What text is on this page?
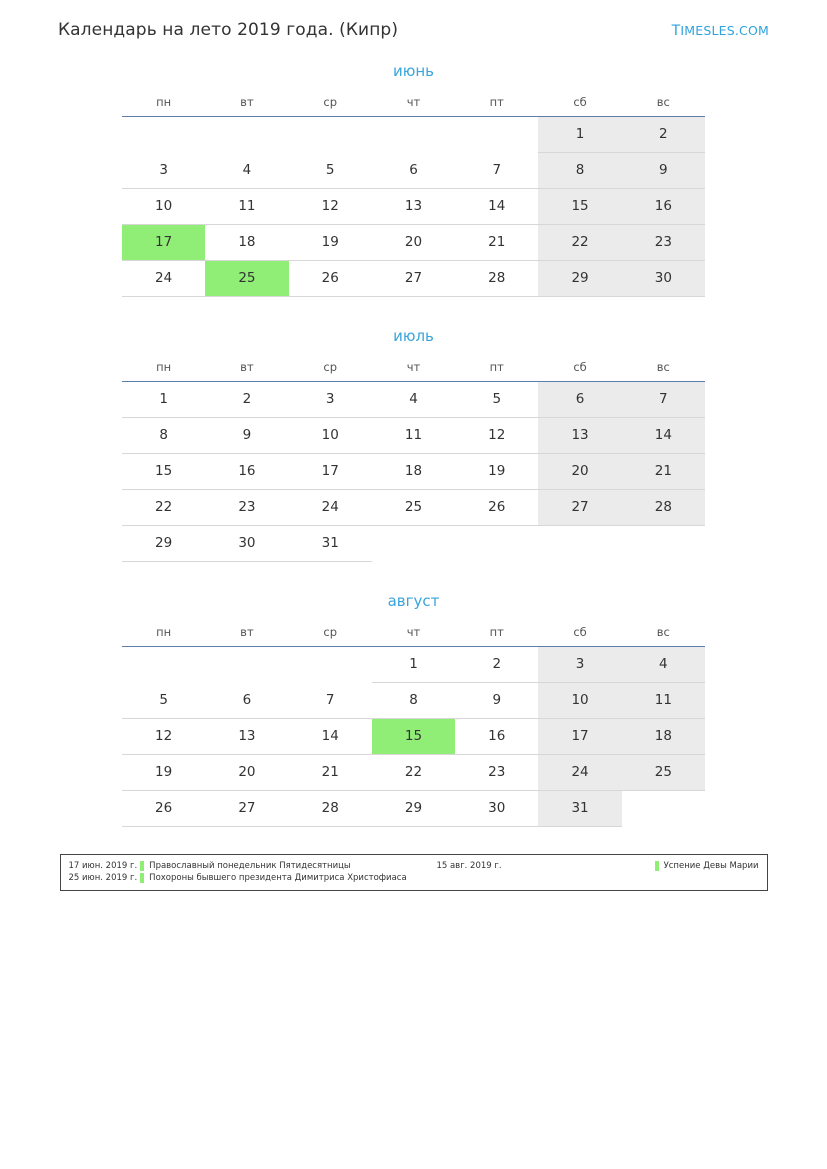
Календарь на лето 2019 года. (Кипр)	TIMESLES.COM
июнь
пн	вт	ср	чт	пт	сб	вс

					1	2

3	4	5	6	7	8	9

10	11	12	13	14	15	16

17	18	19	20	21	22	23

24	25	26	27	28	29	30
июль
пн	вт	ср	чт	пт	сб	вс

1	2	3	4	5	6	7

8	9	10	11	12	13	14

15	16	17	18	19	20	21

22	23	24	25	26	27	28

29	30	31				

август
пн	вт	ср	чт	пт	сб	вс

			1	2	3	4

5	6	7	8	9	10	11

12	13	14	15	16	17	18

19	20	21	22	23	24	25

26	27	28	29	30	31	

17 июн. 2019 г.	Православный понедельник Пятидесятницы	15 авг. 2019 г.	Успение Девы Марии
25 июн. 2019 г.	Похороны бывшего президента Димитриса Христофиаса
